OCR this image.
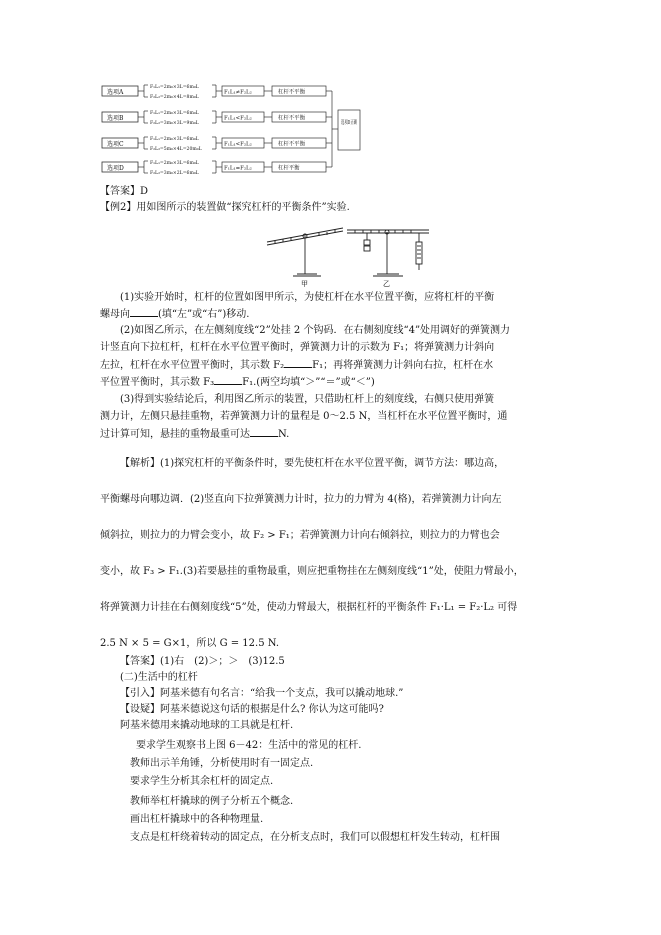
选项A
选项B
选项C
选项D
F₁L₁=2m₀×3L=6m₀L
F₂L₂=2m₀×4L=8m₀L
F₁L₁=2m₀×3L=6m₀L
F₂L₂=3m₀×3L=9m₀L
F₁L₁=2m₀×3L=6m₀L
F₂L₂=5m₀×4L=20m₀L
F₁L₁=2m₀×3L=6m₀L
F₂L₂=3m₀×2L=6m₀L
F₁L₁≠F₂L₂
F₁L₁<F₂L₂
F₁L₁<F₂L₂
F₁L₁=F₂L₂
杠杆不平衡
杠杆不平衡
杠杆不平衡
杠杆平衡
选项D正确
【答案】D
【例2】用如图所示的装置做“探究杠杆的平衡条件”实验.
甲	乙
(1)实验开始时，杠杆的位置如图甲所示，为使杠杆在水平位置平衡，应将杠杆的平衡
螺母向	(填“左”或“右”)移动.
(2)如图乙所示，在左侧刻度线“2”处挂 2 个钩码．在右侧刻度线“4”处用调好的弹簧测力
计竖直向下拉杠杆，杠杆在水平位置平衡时，弹簧测力计的示数为 F₁；将弹簧测力计斜向
左拉，杠杆在水平位置平衡时，其示数 F₂	F₁；再将弹簧测力计斜向右拉，杠杆在水
平位置平衡时，其示数 F₃	F₁.(两空均填“＞”“＝”或“＜”)
(3)得到实验结论后，利用图乙所示的装置，只借助杠杆上的刻度线，右侧只使用弹簧
测力计，左侧只悬挂重物，若弹簧测力计的量程是 0～2.5 N，当杠杆在水平位置平衡时，通
过计算可知，悬挂的重物最重可达	N.

【解析】(1)探究杠杆的平衡条件时，要先使杠杆在水平位置平衡，调节方法：哪边高，

平衡螺母向哪边调．(2)竖直向下拉弹簧测力计时，拉力的力臂为 4(格)，若弹簧测力计向左

倾斜拉，则拉力的力臂会变小，故 F₂ > F₁；若弹簧测力计向右倾斜拉，则拉力的力臂也会

变小，故 F₃ > F₁.(3)若要悬挂的重物最重，则应把重物挂在左侧刻度线“1”处，使阻力臂最小，

将弹簧测力计挂在右侧刻度线“5”处，使动力臂最大，根据杠杆的平衡条件 F₁·L₁ = F₂·L₂ 可得

2.5 N × 5 = G×1，所以 G = 12.5 N.

【答案】(1)右　(2)＞；＞　(3)12.5
(二)生活中的杠杆
【引入】阿基米德有句名言：“给我一个支点，我可以撬动地球.”
【设疑】阿基米德说这句话的根据是什么? 你认为这可能吗?
阿基米德用来撬动地球的工具就是杠杆.
要求学生观察书上图 6－42：生活中的常见的杠杆.
教师出示羊角锤，分析使用时有一固定点.
要求学生分析其余杠杆的固定点.
教师举杠杆撬球的例子分析五个概念.
画出杠杆撬球中的各种物理量.
支点是杠杆绕着转动的固定点，在分析支点时，我们可以假想杠杆发生转动，杠杆围
